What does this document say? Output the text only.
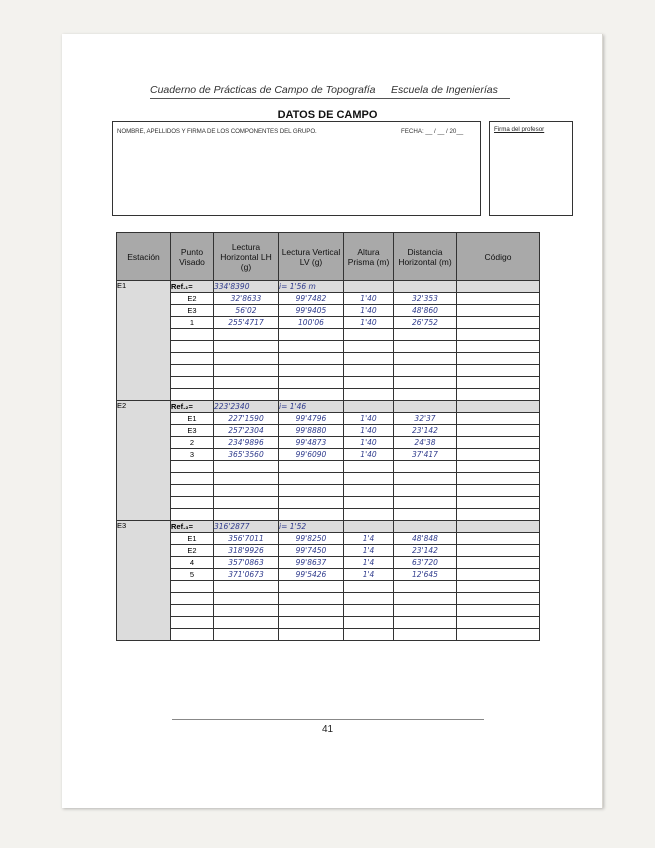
Cuaderno de Prácticas de Campo de Topografía Escuela de Ingenierías
DATOS DE CAMPO
NOMBRE, APELLIDOS Y FIRMA DE LOS COMPONENTES DEL GRUPO.	FECHA: __ / __ / 20__	Firma del profesor
Estación	Punto Visado	Lectura Horizontal LH (g)	Lectura Vertical LV (g)	Altura Prisma (m)	Distancia Horizontal (m)	Código
E1	Ref.₁=	334'8390	i= 1'56 m			
	E2	32'8633	99'7482	1'40	32'353	
	E3	56'02	99'9405	1'40	48'860	
	1	255'4717	100'06	1'40	26'752	

E2	Ref.₂=	223'2340	i= 1'46			
	E1	227'1590	99'4796	1'40	32'37	
	E3	257'2304	99'8880	1'40	23'142	
	2	234'9896	99'4873	1'40	24'38	
	3	365'3560	99'6090	1'40	37'417	

E3	Ref.₃=	316'2877	i= 1'52			
	E1	356'7011	99'8250	1'4	48'848	
	E2	318'9926	99'7450	1'4	23'142	
	4	357'0863	99'8637	1'4	63'720	
	5	371'0673	99'5426	1'4	12'645	

41
